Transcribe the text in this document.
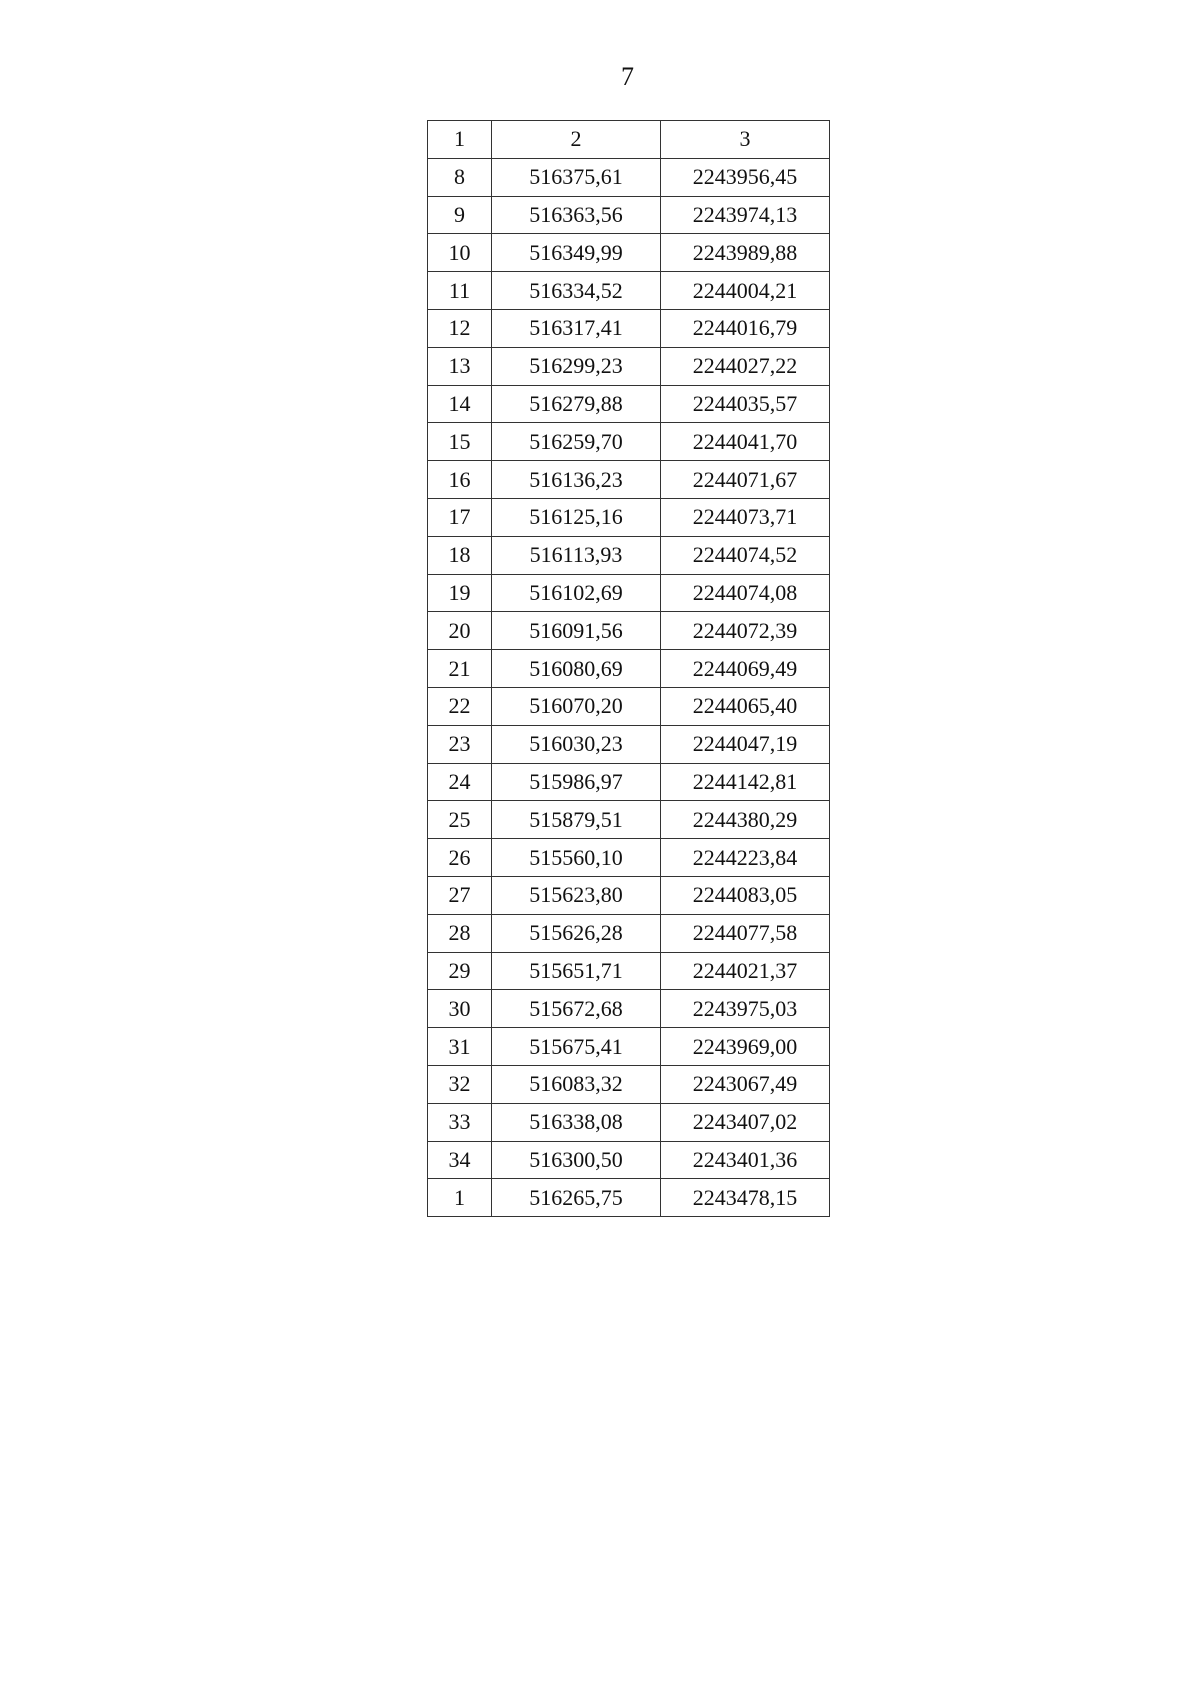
7
1	2	3
8	516375,61	2243956,45
9	516363,56	2243974,13
10	516349,99	2243989,88
11	516334,52	2244004,21
12	516317,41	2244016,79
13	516299,23	2244027,22
14	516279,88	2244035,57
15	516259,70	2244041,70
16	516136,23	2244071,67
17	516125,16	2244073,71
18	516113,93	2244074,52
19	516102,69	2244074,08
20	516091,56	2244072,39
21	516080,69	2244069,49
22	516070,20	2244065,40
23	516030,23	2244047,19
24	515986,97	2244142,81
25	515879,51	2244380,29
26	515560,10	2244223,84
27	515623,80	2244083,05
28	515626,28	2244077,58
29	515651,71	2244021,37
30	515672,68	2243975,03
31	515675,41	2243969,00
32	516083,32	2243067,49
33	516338,08	2243407,02
34	516300,50	2243401,36
1	516265,75	2243478,15
